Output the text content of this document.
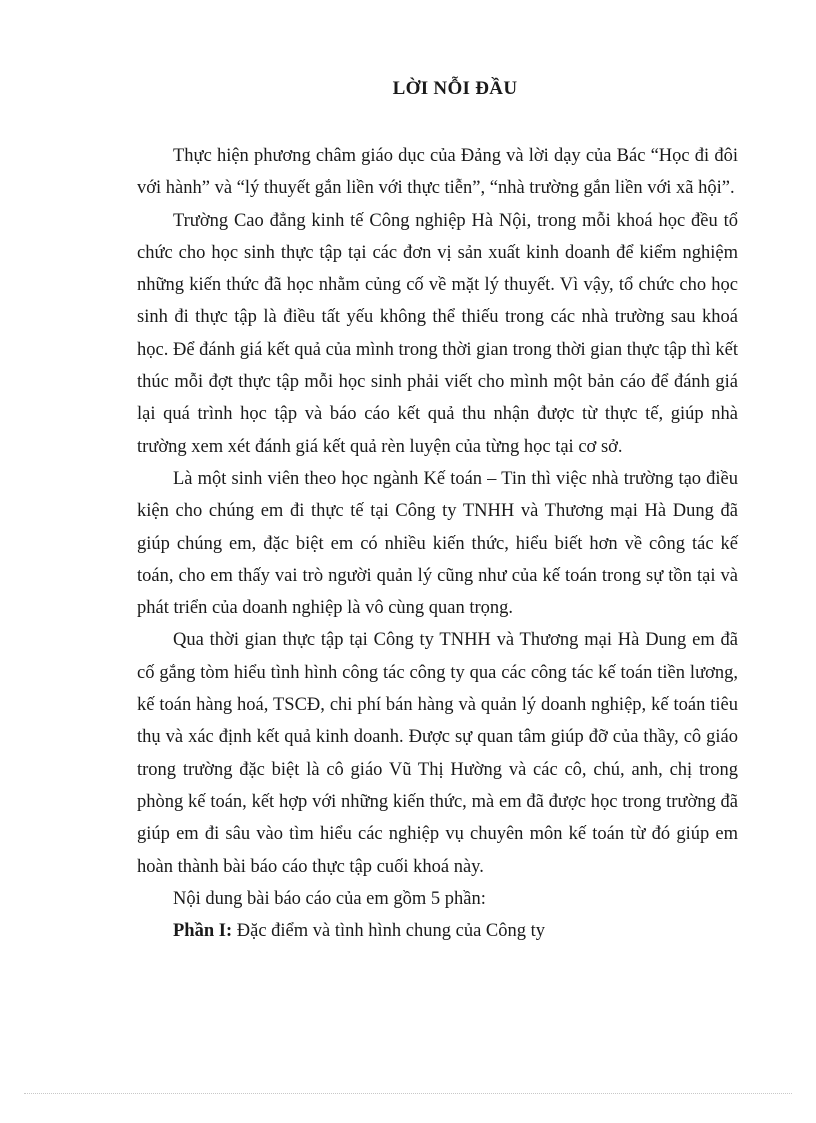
LỜI NỖI ĐẦU

Thực hiện phương châm giáo dục của Đảng và lời dạy của Bác “Học đi đôi với hành” và “lý thuyết gắn liền với thực tiễn”, “nhà trường gắn liền với xã hội”.

Trường Cao đẳng kinh tế Công nghiệp Hà Nội, trong mỗi khoá học đều tổ chức cho học sinh thực tập tại các đơn vị sản xuất kinh doanh để kiểm nghiệm những kiến thức đã học nhằm củng cố về mặt lý thuyết. Vì vậy, tổ chức cho học sinh đi thực tập là điều tất yếu không thể thiếu trong các nhà trường sau khoá học. Để đánh giá kết quả của mình trong thời gian trong thời gian thực tập thì kết thúc mỗi đợt thực tập mỗi học sinh phải viết cho mình một bản cáo để đánh giá lại quá trình học tập và báo cáo kết quả thu nhận được từ thực tế, giúp nhà trường xem xét đánh giá kết quả rèn luyện của từng học tại cơ sở.

Là một sinh viên theo học ngành Kế toán – Tin thì việc nhà trường tạo điều kiện cho chúng em đi thực tế tại Công ty TNHH và Thương mại Hà Dung đã giúp chúng em, đặc biệt em có nhiều kiến thức, hiểu biết hơn về công tác kế toán, cho em thấy vai trò người quản lý cũng như của kế toán trong sự tồn tại và phát triển của doanh nghiệp là vô cùng quan trọng.

Qua thời gian thực tập tại Công ty TNHH và Thương mại Hà Dung em đã cố gắng tòm hiểu tình hình công tác công ty qua các công tác kế toán tiền lương, kế toán hàng hoá, TSCĐ, chi phí bán hàng và quản lý doanh nghiệp, kế toán tiêu thụ và xác định kết quả kinh doanh. Được sự quan tâm giúp đỡ của thầy, cô giáo trong trường đặc biệt là cô giáo Vũ Thị Hường và các cô, chú, anh, chị trong phòng kế toán, kết hợp với những kiến thức, mà em đã được học trong trường đã giúp em đi sâu vào tìm hiểu các nghiệp vụ chuyên môn kế toán từ đó giúp em hoàn thành bài báo cáo thực tập cuối khoá này.

Nội dung bài báo cáo của em gồm 5 phần:

Phần I: Đặc điểm và tình hình chung của Công ty
